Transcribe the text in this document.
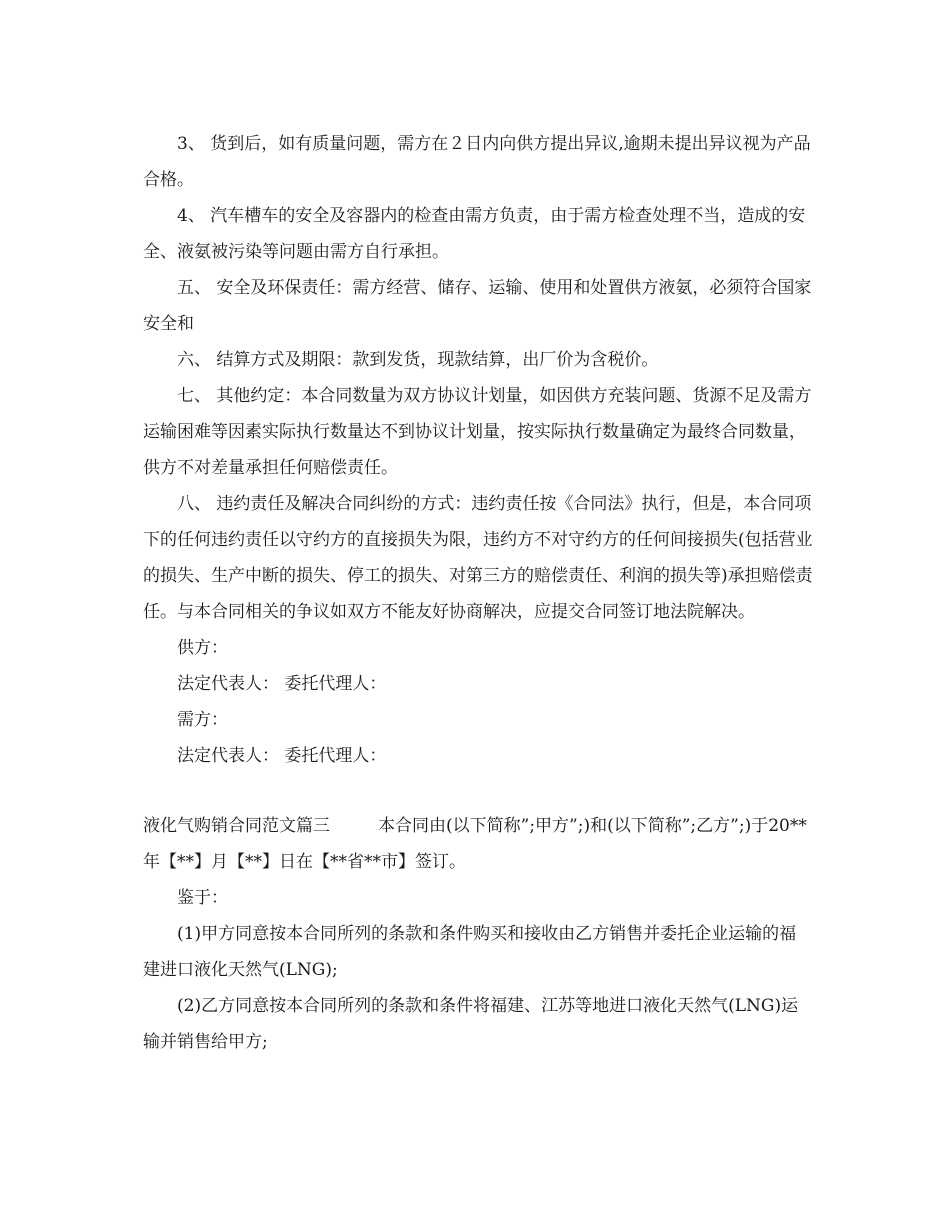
3、 货到后，如有质量问题，需方在２日内向供方提出异议,逾期未提出异议视为产品合格。

4、 汽车槽车的安全及容器内的检查由需方负责，由于需方检查处理不当，造成的安全、液氨被污染等问题由需方自行承担。

五、 安全及环保责任：需方经营、储存、运输、使用和处置供方液氨，必须符合国家安全和

六、 结算方式及期限：款到发货，现款结算，出厂价为含税价。

七、 其他约定：本合同数量为双方协议计划量，如因供方充装问题、货源不足及需方运输困难等因素实际执行数量达不到协议计划量，按实际执行数量确定为最终合同数量，供方不对差量承担任何赔偿责任。

八、 违约责任及解决合同纠纷的方式：违约责任按《合同法》执行，但是，本合同项下的任何违约责任以守约方的直接损失为限，违约方不对守约方的任何间接损失(包括营业的损失、生产中断的损失、停工的损失、对第三方的赔偿责任、利润的损失等)承担赔偿责任。与本合同相关的争议如双方不能友好协商解决，应提交合同签订地法院解决。

供方：

法定代表人： 委托代理人：

需方：

法定代表人： 委托代理人：

液化气购销合同范文篇三	本合同由(以下简称”;甲方”;)和(以下简称”;乙方”;)于20**年【**】月【**】日在【**省**市】签订。

鉴于：

(1)甲方同意按本合同所列的条款和条件购买和接收由乙方销售并委托企业运输的福建进口液化天然气(LNG);

(2)乙方同意按本合同所列的条款和条件将福建、江苏等地进口液化天然气(LNG)运输并销售给甲方;
